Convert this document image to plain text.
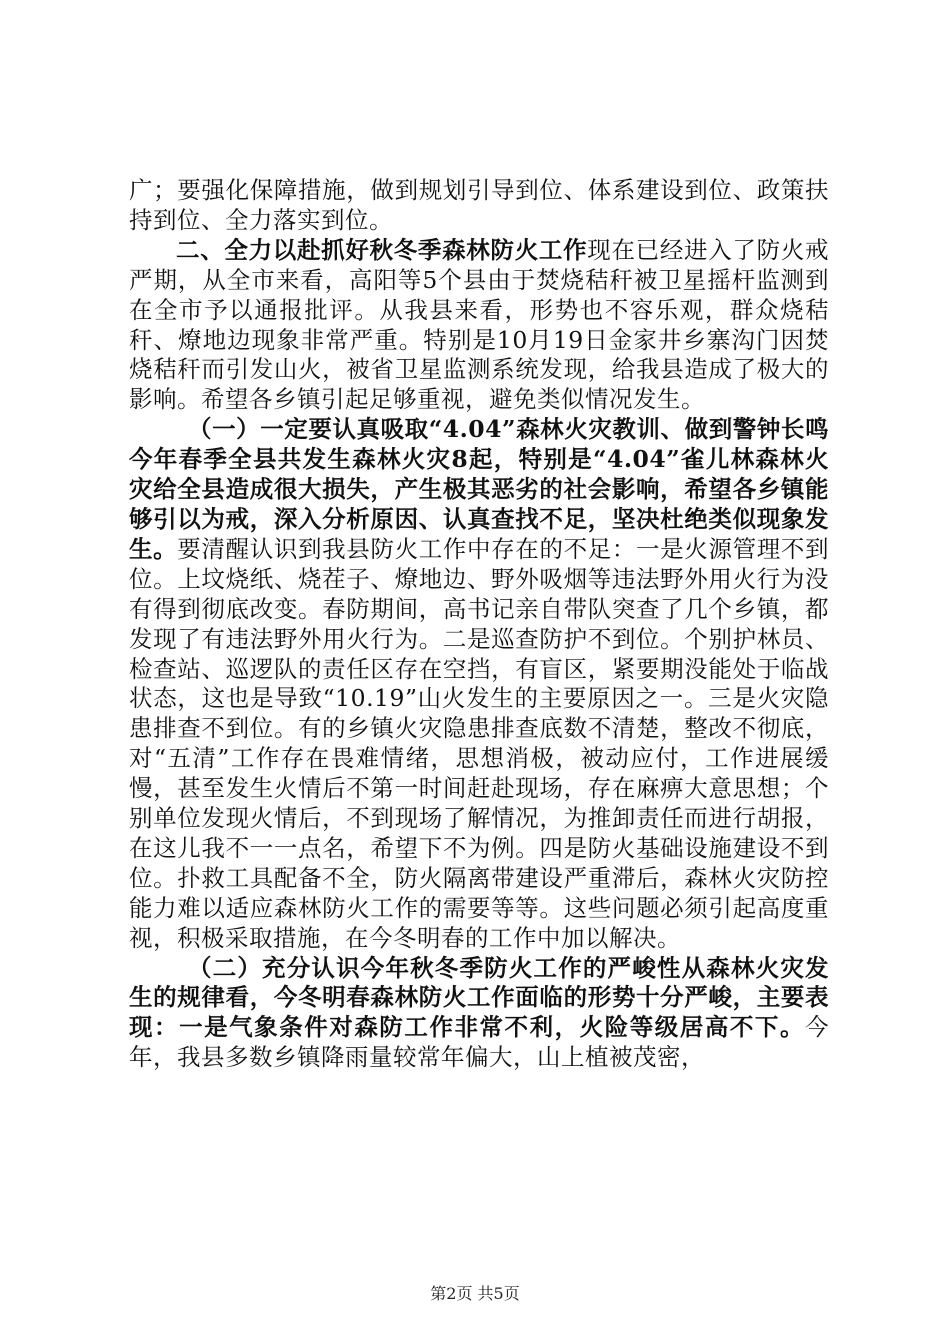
广；要强化保障措施，做到规划引导到位、体系建设到位、政策扶持到位、全力落实到位。

二、全力以赴抓好秋冬季森林防火工作现在已经进入了防火戒严期，从全市来看，高阳等5个县由于焚烧秸秆被卫星摇杆监测到在全市予以通报批评。从我县来看，形势也不容乐观，群众烧秸秆、燎地边现象非常严重。特别是10月19日金家井乡寨沟门因焚烧秸秆而引发山火，被省卫星监测系统发现，给我县造成了极大的影响。希望各乡镇引起足够重视，避免类似情况发生。

（一）一定要认真吸取“4.04”森林火灾教训、做到警钟长鸣今年春季全县共发生森林火灾8起，特别是“4.04”雀儿林森林火灾给全县造成很大损失，产生极其恶劣的社会影响，希望各乡镇能够引以为戒，深入分析原因、认真查找不足，坚决杜绝类似现象发生。要清醒认识到我县防火工作中存在的不足：一是火源管理不到位。上坟烧纸、烧茬子、燎地边、野外吸烟等违法野外用火行为没有得到彻底改变。春防期间，高书记亲自带队突查了几个乡镇，都发现了有违法野外用火行为。二是巡查防护不到位。个别护林员、检查站、巡逻队的责任区存在空挡，有盲区，紧要期没能处于临战状态，这也是导致“10.19”山火发生的主要原因之一。三是火灾隐患排查不到位。有的乡镇火灾隐患排查底数不清楚，整改不彻底，对“五清”工作存在畏难情绪，思想消极，被动应付，工作进展缓慢，甚至发生火情后不第一时间赶赴现场，存在麻痹大意思想；个别单位发现火情后，不到现场了解情况，为推卸责任而进行胡报，在这儿我不一一点名，希望下不为例。四是防火基础设施建设不到位。扑救工具配备不全，防火隔离带建设严重滞后，森林火灾防控能力难以适应森林防火工作的需要等等。这些问题必须引起高度重视，积极采取措施，在今冬明春的工作中加以解决。

（二）充分认识今年秋冬季防火工作的严峻性从森林火灾发生的规律看，今冬明春森林防火工作面临的形势十分严峻，主要表现：一是气象条件对森防工作非常不利，火险等级居高不下。今年，我县多数乡镇降雨量较常年偏大，山上植被茂密，

第2页 共5页
